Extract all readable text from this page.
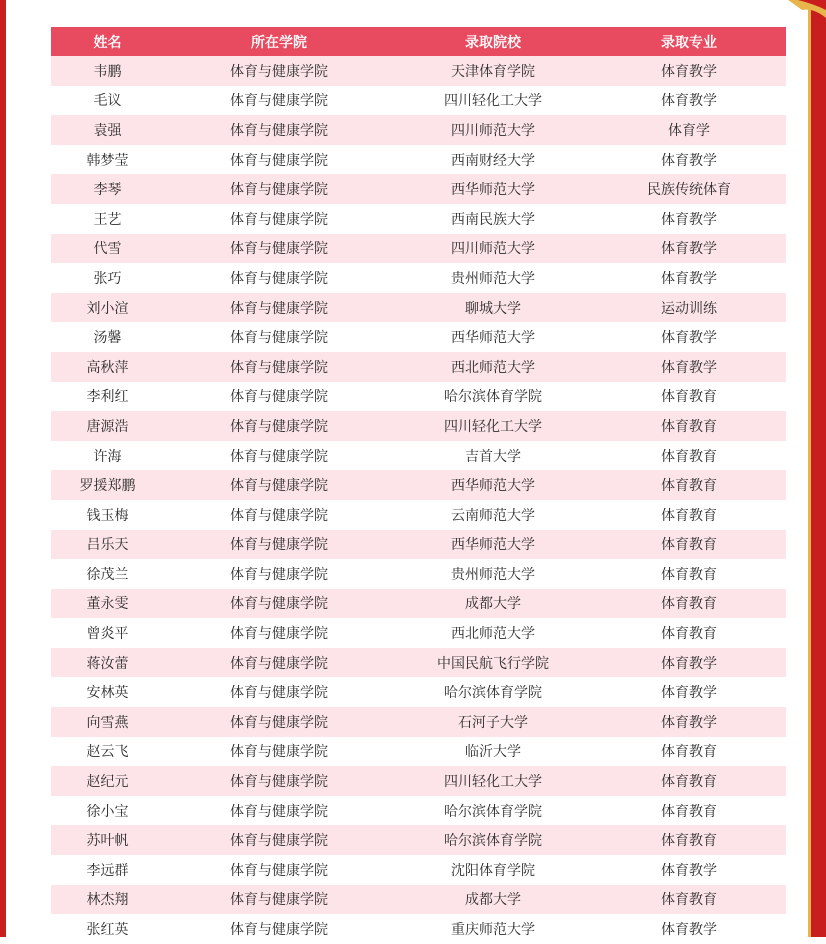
姓名	所在学院	录取院校	录取专业
韦鹏	体育与健康学院	天津体育学院	体育教学
毛议	体育与健康学院	四川轻化工大学	体育教学
袁强	体育与健康学院	四川师范大学	体育学
韩梦莹	体育与健康学院	西南财经大学	体育教学
李琴	体育与健康学院	西华师范大学	民族传统体育
王艺	体育与健康学院	西南民族大学	体育教学
代雪	体育与健康学院	四川师范大学	体育教学
张巧	体育与健康学院	贵州师范大学	体育教学
刘小渲	体育与健康学院	聊城大学	运动训练
汤馨	体育与健康学院	西华师范大学	体育教学
高秋萍	体育与健康学院	西北师范大学	体育教学
李利红	体育与健康学院	哈尔滨体育学院	体育教育
唐源浩	体育与健康学院	四川轻化工大学	体育教育
许海	体育与健康学院	吉首大学	体育教育
罗援郑鹏	体育与健康学院	西华师范大学	体育教育
钱玉梅	体育与健康学院	云南师范大学	体育教育
吕乐天	体育与健康学院	西华师范大学	体育教育
徐茂兰	体育与健康学院	贵州师范大学	体育教育
董永雯	体育与健康学院	成都大学	体育教育
曾炎平	体育与健康学院	西北师范大学	体育教育
蒋汝蕾	体育与健康学院	中国民航飞行学院	体育教学
安林英	体育与健康学院	哈尔滨体育学院	体育教学
向雪燕	体育与健康学院	石河子大学	体育教学
赵云飞	体育与健康学院	临沂大学	体育教育
赵纪元	体育与健康学院	四川轻化工大学	体育教育
徐小宝	体育与健康学院	哈尔滨体育学院	体育教育
苏叶帆	体育与健康学院	哈尔滨体育学院	体育教育
李远群	体育与健康学院	沈阳体育学院	体育教学
林杰翔	体育与健康学院	成都大学	体育教育
张红英	体育与健康学院	重庆师范大学	体育教学
